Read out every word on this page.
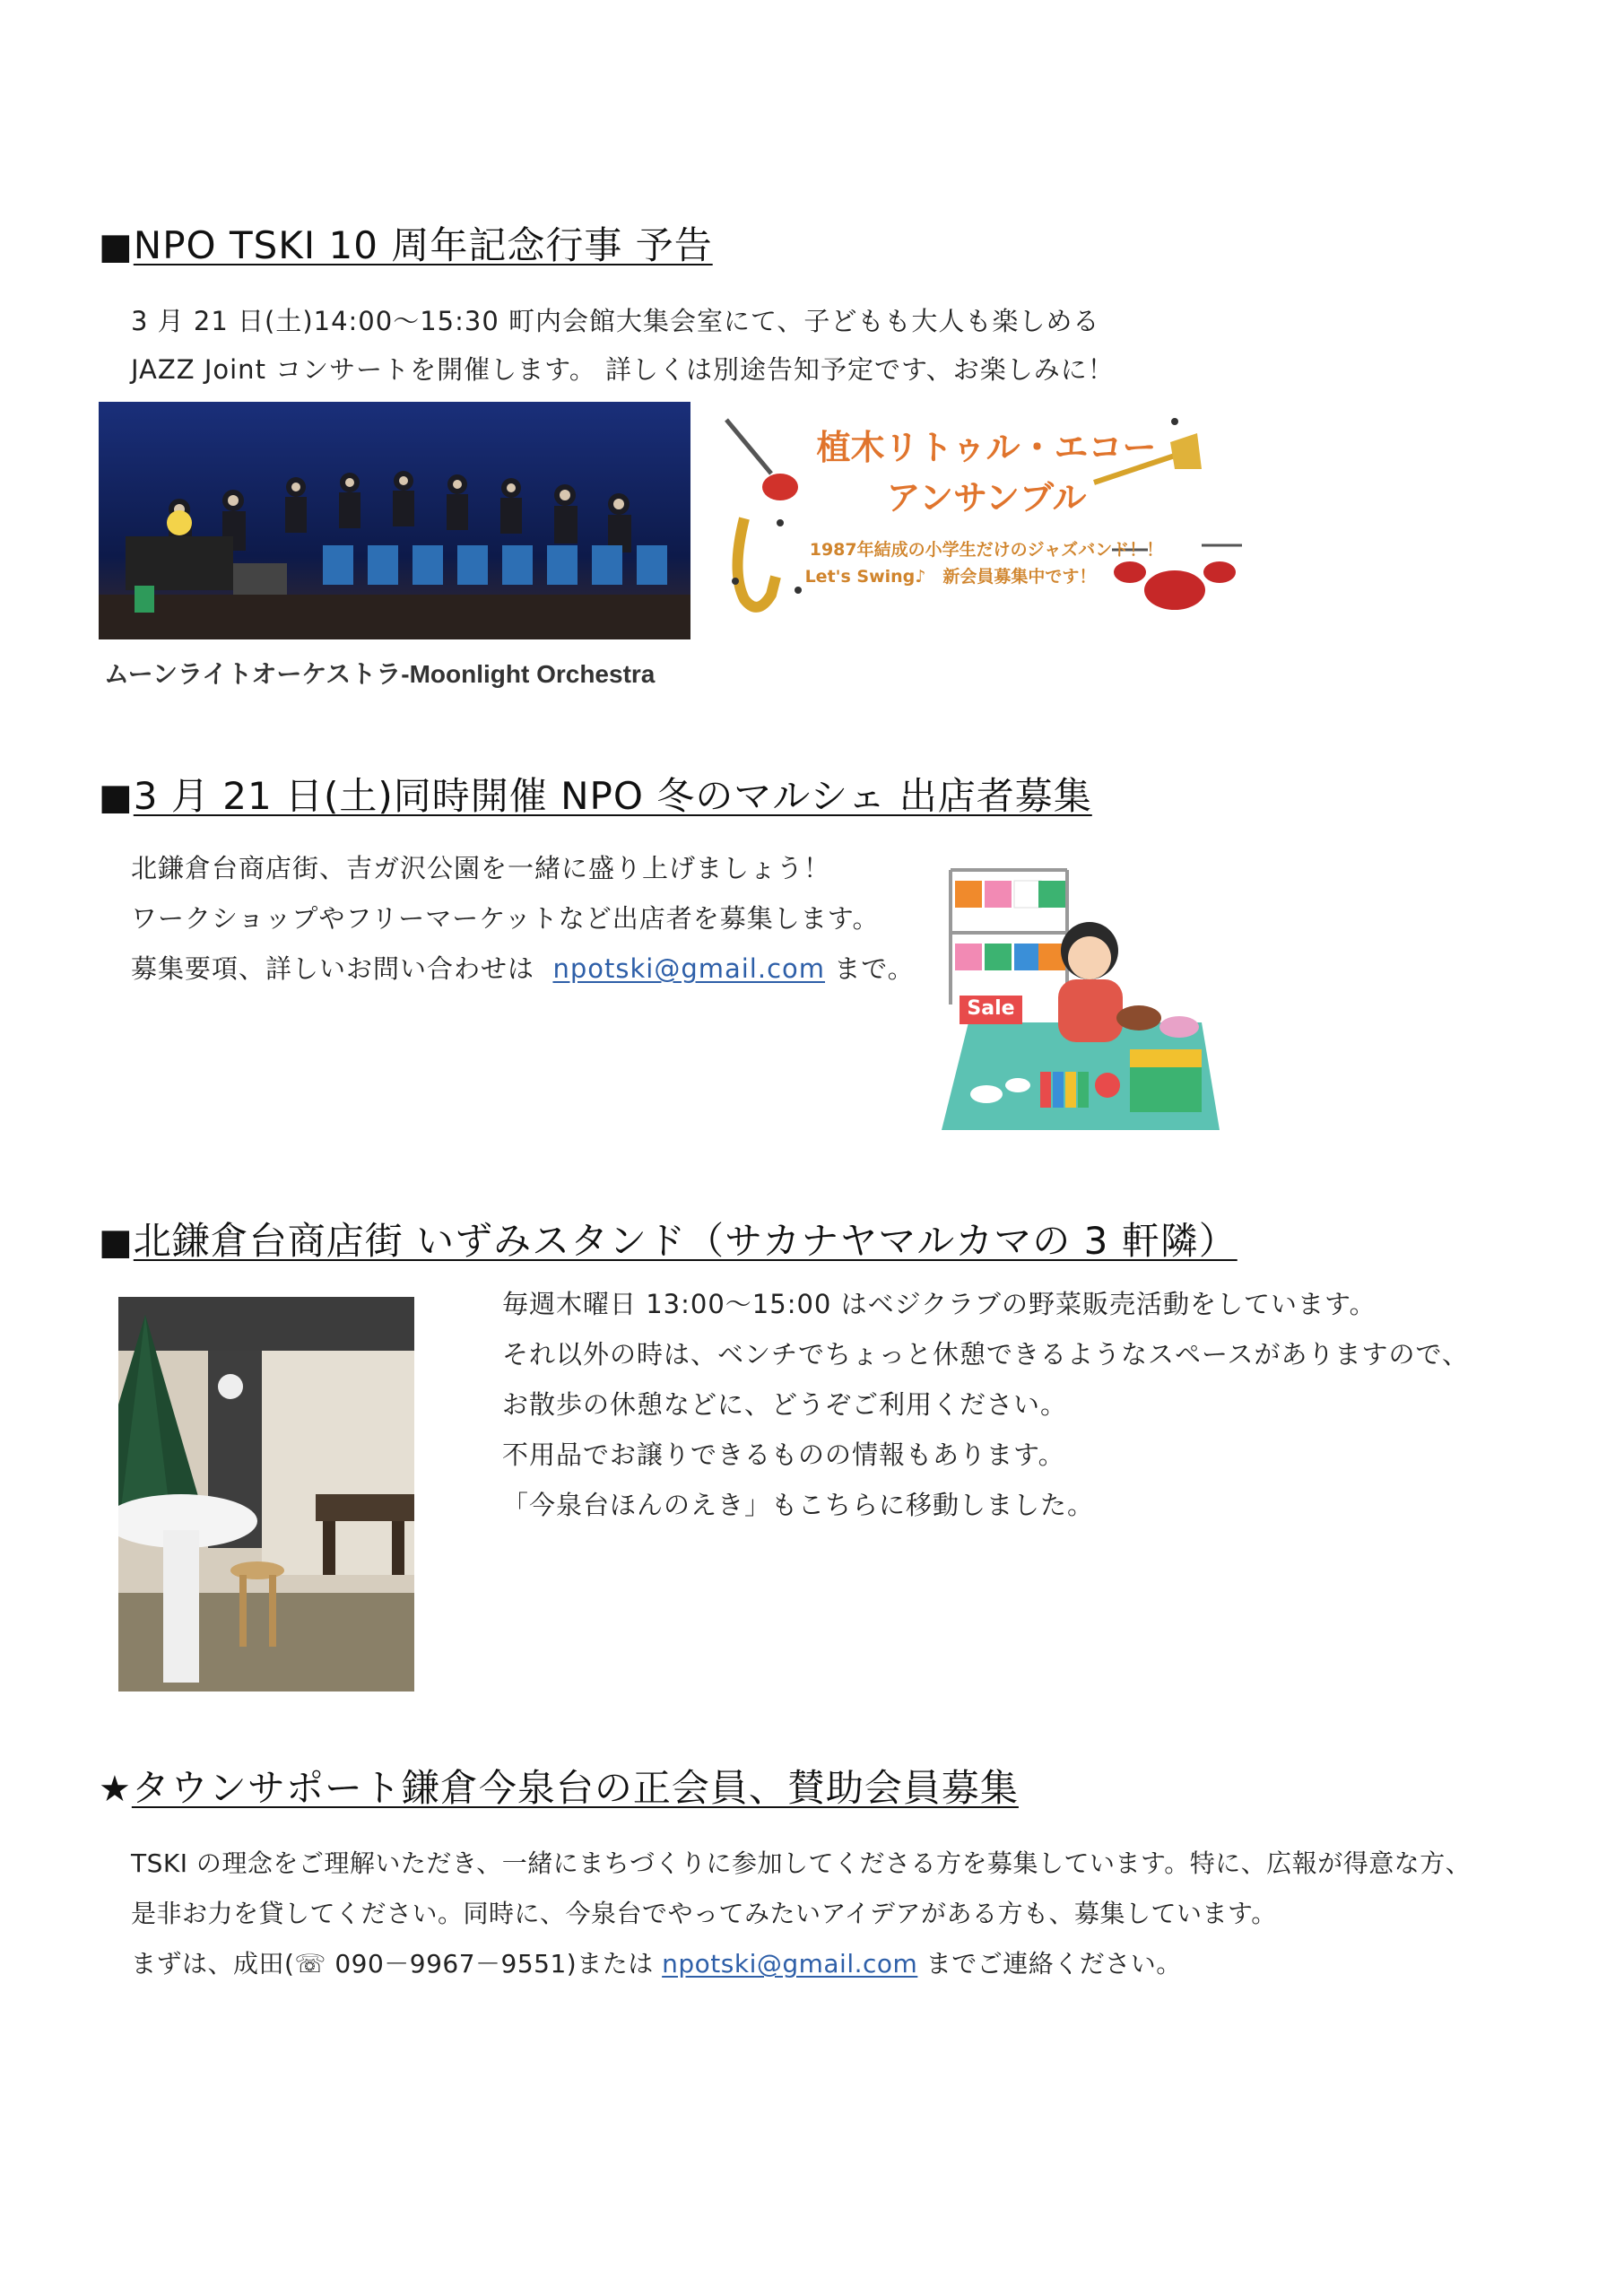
■NPO TSKI 10 周年記念行事 予告
3 月 21 日(土)14:00～15:30 町内会館大集会室にて、子どもも大人も楽しめる
JAZZ Joint コンサートを開催します。 詳しくは別途告知予定です、お楽しみに！
ムーンライトオーケストラ-Moonlight Orchestra
植木リトゥル・エコー
アンサンブル
1987年結成の小学生だけのジャズバンド！！
Let's Swing♪　新会員募集中です！
■3 月 21 日(土)同時開催 NPO 冬のマルシェ 出店者募集
北鎌倉台商店街、吉ガ沢公園を一緒に盛り上げましょう！
ワークショップやフリーマーケットなど出店者を募集します。
募集要項、詳しいお問い合わせは npotski@gmail.com まで。
Sale
■北鎌倉台商店街 いずみスタンド（サカナヤマルカマの 3 軒隣）
毎週木曜日 13:00～15:00 はベジクラブの野菜販売活動をしています。
それ以外の時は、ベンチでちょっと休憩できるようなスペースがありますので、
お散歩の休憩などに、どうぞご利用ください。
不用品でお譲りできるものの情報もあります。
「今泉台ほんのえき」もこちらに移動しました。
★タウンサポート鎌倉今泉台の正会員、賛助会員募集
TSKI の理念をご理解いただき、一緒にまちづくりに参加してくださる方を募集しています。特に、広報が得意な方、
是非お力を貸してください。同時に、今泉台でやってみたいアイデアがある方も、募集しています。
まずは、成田(☏ 090－9967－9551)または npotski@gmail.com までご連絡ください。
